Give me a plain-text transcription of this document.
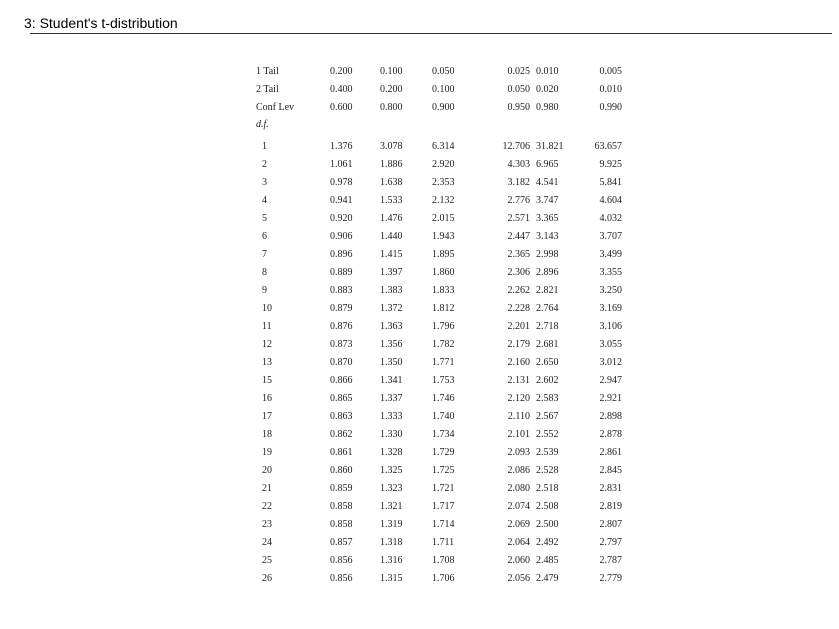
3: Student's t-distribution
1 Tail	0.200	0.100	0.050	0.025	0.010	0.005
2 Tail	0.400	0.200	0.100	0.050	0.020	0.010
Conf Lev	0.600	0.800	0.900	0.950	0.980	0.990
d.f.						

1	1.376	3.078	6.314	12.706	31.821	63.657
2	1.061	1.886	2.920	4.303	6.965	9.925
3	0.978	1.638	2.353	3.182	4.541	5.841
4	0.941	1.533	2.132	2.776	3.747	4.604
5	0.920	1.476	2.015	2.571	3.365	4.032
6	0.906	1.440	1.943	2.447	3.143	3.707
7	0.896	1.415	1.895	2.365	2.998	3.499
8	0.889	1.397	1.860	2.306	2.896	3.355
9	0.883	1.383	1.833	2.262	2.821	3.250
10	0.879	1.372	1.812	2.228	2.764	3.169
11	0.876	1.363	1.796	2.201	2.718	3.106
12	0.873	1.356	1.782	2.179	2.681	3.055
13	0.870	1.350	1.771	2.160	2.650	3.012
15	0.866	1.341	1.753	2.131	2.602	2.947
16	0.865	1.337	1.746	2.120	2.583	2.921
17	0.863	1.333	1.740	2.110	2.567	2.898
18	0.862	1.330	1.734	2.101	2.552	2.878
19	0.861	1.328	1.729	2.093	2.539	2.861
20	0.860	1.325	1.725	2.086	2.528	2.845
21	0.859	1.323	1.721	2.080	2.518	2.831
22	0.858	1.321	1.717	2.074	2.508	2.819
23	0.858	1.319	1.714	2.069	2.500	2.807
24	0.857	1.318	1.711	2.064	2.492	2.797
25	0.856	1.316	1.708	2.060	2.485	2.787
26	0.856	1.315	1.706	2.056	2.479	2.779
